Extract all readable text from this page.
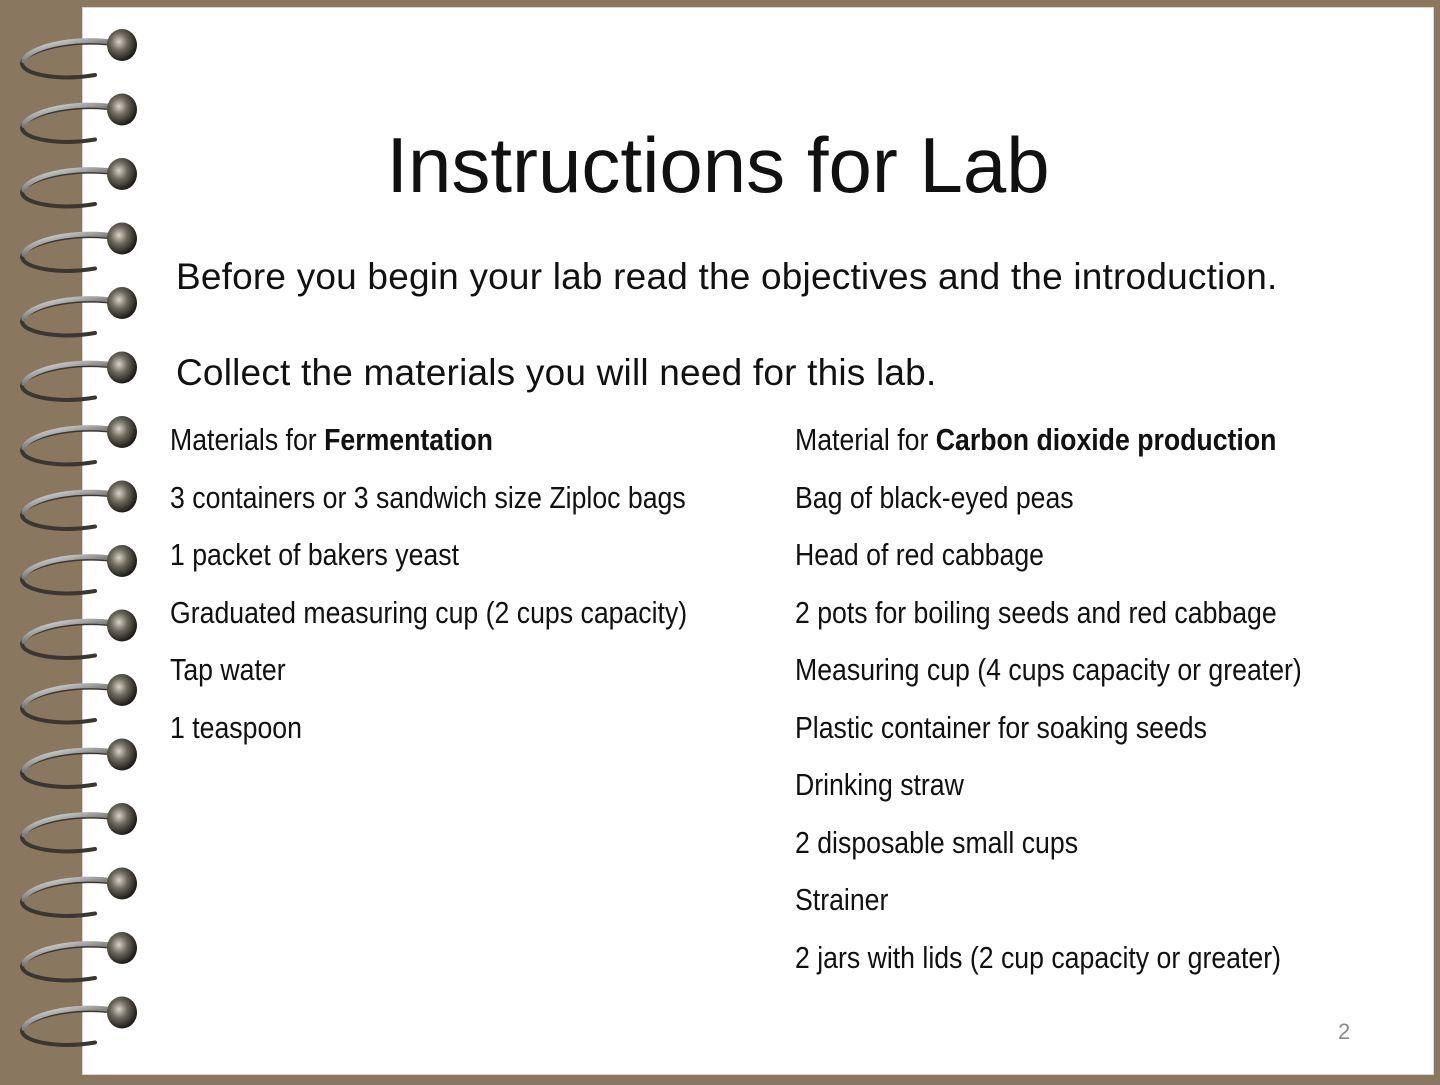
Instructions for Lab
Before you begin your lab read the objectives and the introduction.
Collect the materials you will need for this lab.
Materials for Fermentation
3 containers or 3 sandwich size Ziploc bags
1 packet of bakers yeast
Graduated measuring cup (2 cups capacity)
Tap water
1 teaspoon
Material for Carbon dioxide production
Bag of black-eyed peas
Head of red cabbage
2 pots for boiling seeds and red cabbage
Measuring cup (4 cups capacity or greater)
Plastic container for soaking seeds
Drinking straw
2 disposable small cups
Strainer
2 jars with lids (2 cup capacity or greater)
2
